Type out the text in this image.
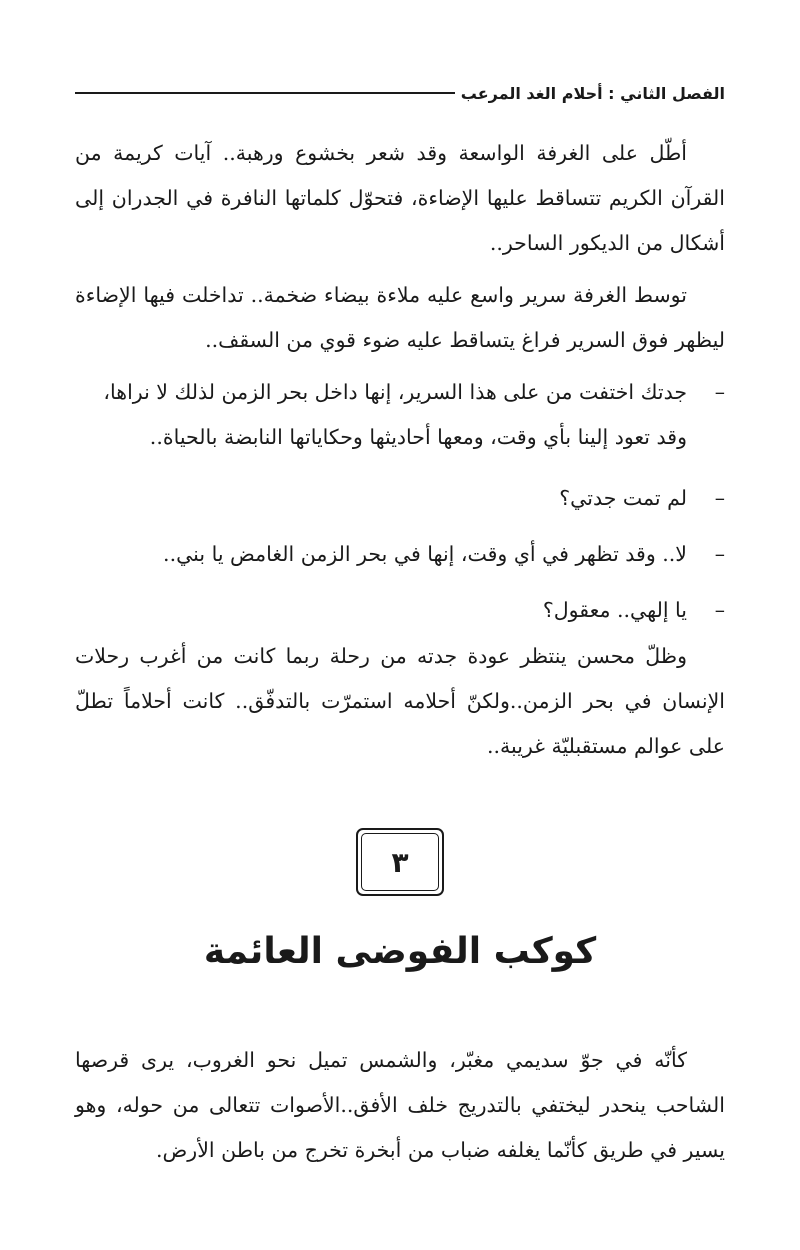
الفصل الثاني : أحلام الغد المرعب

أطّل على الغرفة الواسعة وقد شعر بخشوع ورهبة.. آيات كريمة من القرآن الكريم تتساقط عليها الإضاءة، فتحوّل كلماتها النافرة في الجدران إلى أشكال من الديكور الساحر..

توسط الغرفة سرير واسع عليه ملاءة بيضاء ضخمة.. تداخلت فيها الإضاءة ليظهر فوق السرير فراغ يتساقط عليه ضوء قوي من السقف..

–
جدتك اختفت من على هذا السرير، إنها داخل بحر الزمن لذلك لا نراها،
وقد تعود إلينا بأي وقت، ومعها أحاديثها وحكاياتها النابضة بالحياة..
–
لم تمت جدتي؟
–
لا.. وقد تظهر في أي وقت، إنها في بحر الزمن الغامض يا بني..
–
يا إلهي.. معقول؟

وظلّ محسن ينتظر عودة جدته من رحلة ربما كانت من أغرب رحلات الإنسان في بحر الزمن..ولكنّ أحلامه استمرّت بالتدفّق.. كانت أحلاماً تطلّ على عوالم مستقبليّة غريبة..

٣
كوكب الفوضى العائمة

كأنّه في جوّ سديمي مغبّر، والشمس تميل نحو الغروب، يرى قرصها الشاحب ينحدر ليختفي بالتدريج خلف الأفق..الأصوات تتعالى من حوله، وهو يسير في طريق كأنّما يغلفه ضباب من أبخرة تخرج من باطن الأرض.
